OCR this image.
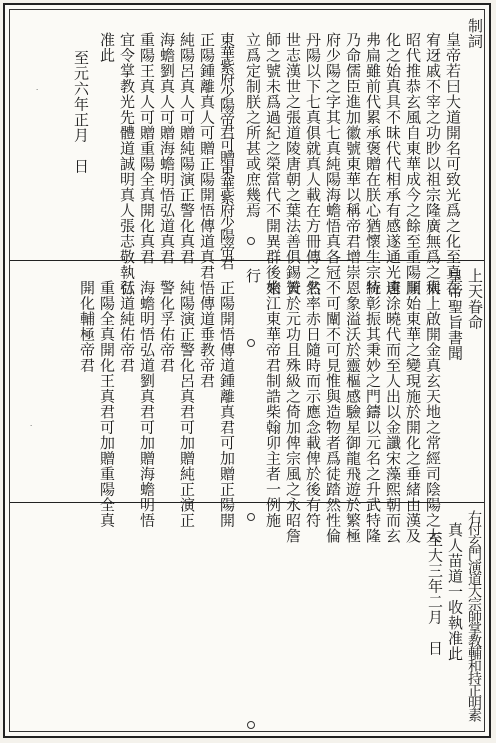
·
·
制詞
皇帝若曰大道開名可致光爲之化至真在
宥迓戚不宰之功眇以祖宗隆廣無爲之稱
昭代推恭玄風自東華成今之餘至重陽開
化之始真具不昧代代相承有感遂通光遠
弗扁雖前代累承褒贈在朕心猶懷生宗特
乃命儒臣進加徽號東華以稱帝君增崇
府少陽之字其七真純陽海蟾悟真各冠
丹陽以下七真俱就真人載在方冊傳之名
世志漢世之張道陵唐朝之葉法善俱錫天
師之號未爲過紀之榮當代不開異群後來
立爲定制朕之所甚或庶幾焉
東華紫府少陽帝君可贈東華紫府少陽帝君
正陽鍾離真人可贈正陽開悟傳道真君
純陽呂真人可贈純陽演正警化真君
海蟾劉真人可贈海蟾明悟弘道真君
重陽王真人可贈重陽全真開化真君
宜令掌教光先體道誠明真人張志敬執行
准此
至元六年正月　日
上天眷命
皇帝聖旨書聞
太上啟開金真玄天地之常經司陰陽之大
順始東華之變現施於開化之垂緒由漢及
唐涂曉代而至人出以金讖宋藻熙朝而玄
統彰振其秉妙之門鑄以元名之升武特隆
恩象溢沃於靈樞感驗星御龍飛遊於繁極
不可闡不可見惟與造物者爲徒踏然性倫
然率赤日隨時而示應念載俾於後有符
贊於元功且殊級之倚加俾宗風之永昭詹
始江東華帝君制誥柴翰卯主者一例施
行
正陽開悟傳道鍾離真君可加贈正陽開
悟傳道垂教帝君
純陽演正警化呂真君可加贈純正演正
警化孚佑帝君
海蟾明悟弘道劉真君可加贈海蟾明悟
弘道純佑帝君
重陽全真開化王真君可加贈重陽全真
開化輔極帝君
右付玄門演道大宗師掌教輔和持正明素
真人苗道一收執准此
至大三年二月　日
